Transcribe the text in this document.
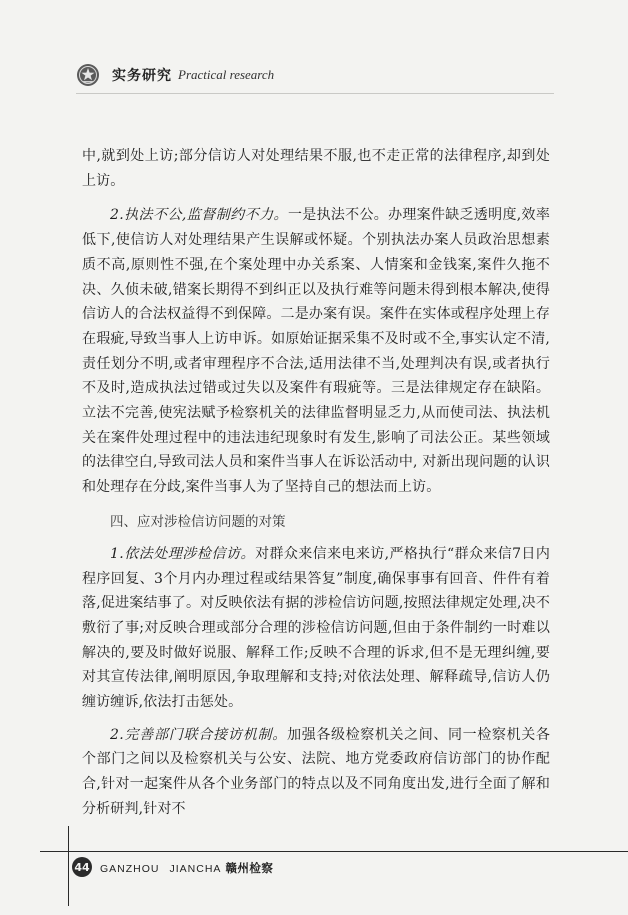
实务研究 Practical research

中,就到处上访;部分信访人对处理结果不服,也不走正常的法律程序,却到处上访。

2.执法不公,监督制约不力。一是执法不公。办理案件缺乏透明度,效率低下,使信访人对处理结果产生误解或怀疑。个别执法办案人员政治思想素质不高,原则性不强,在个案处理中办关系案、人情案和金钱案,案件久拖不决、久侦未破,错案长期得不到纠正以及执行难等问题未得到根本解决,使得信访人的合法权益得不到保障。二是办案有误。案件在实体或程序处理上存在瑕疵,导致当事人上访申诉。如原始证据采集不及时或不全,事实认定不清,责任划分不明,或者审理程序不合法,适用法律不当,处理判决有误,或者执行不及时,造成执法过错或过失以及案件有瑕疵等。三是法律规定存在缺陷。立法不完善,使宪法赋予检察机关的法律监督明显乏力,从而使司法、执法机关在案件处理过程中的违法违纪现象时有发生,影响了司法公正。某些领域的法律空白,导致司法人员和案件当事人在诉讼活动中, 对新出现问题的认识和处理存在分歧,案件当事人为了坚持自己的想法而上访。

四、应对涉检信访问题的对策

1.依法处理涉检信访。对群众来信来电来访,严格执行“群众来信7日内程序回复、3个月内办理过程或结果答复”制度,确保事事有回音、件件有着落,促进案结事了。对反映依法有据的涉检信访问题,按照法律规定处理,决不敷衍了事;对反映合理或部分合理的涉检信访问题,但由于条件制约一时难以解决的,要及时做好说服、解释工作;反映不合理的诉求,但不是无理纠缠,要对其宣传法律,阐明原因,争取理解和支持;对依法处理、解释疏导,信访人仍缠访缠诉,依法打击惩处。

2.完善部门联合接访机制。加强各级检察机关之间、同一检察机关各个部门之间以及检察机关与公安、法院、地方党委政府信访部门的协作配合,针对一起案件从各个业务部门的特点以及不同角度出发,进行全面了解和分析研判,针对不

44 GANZHOU JIANCHA 赣州检察
